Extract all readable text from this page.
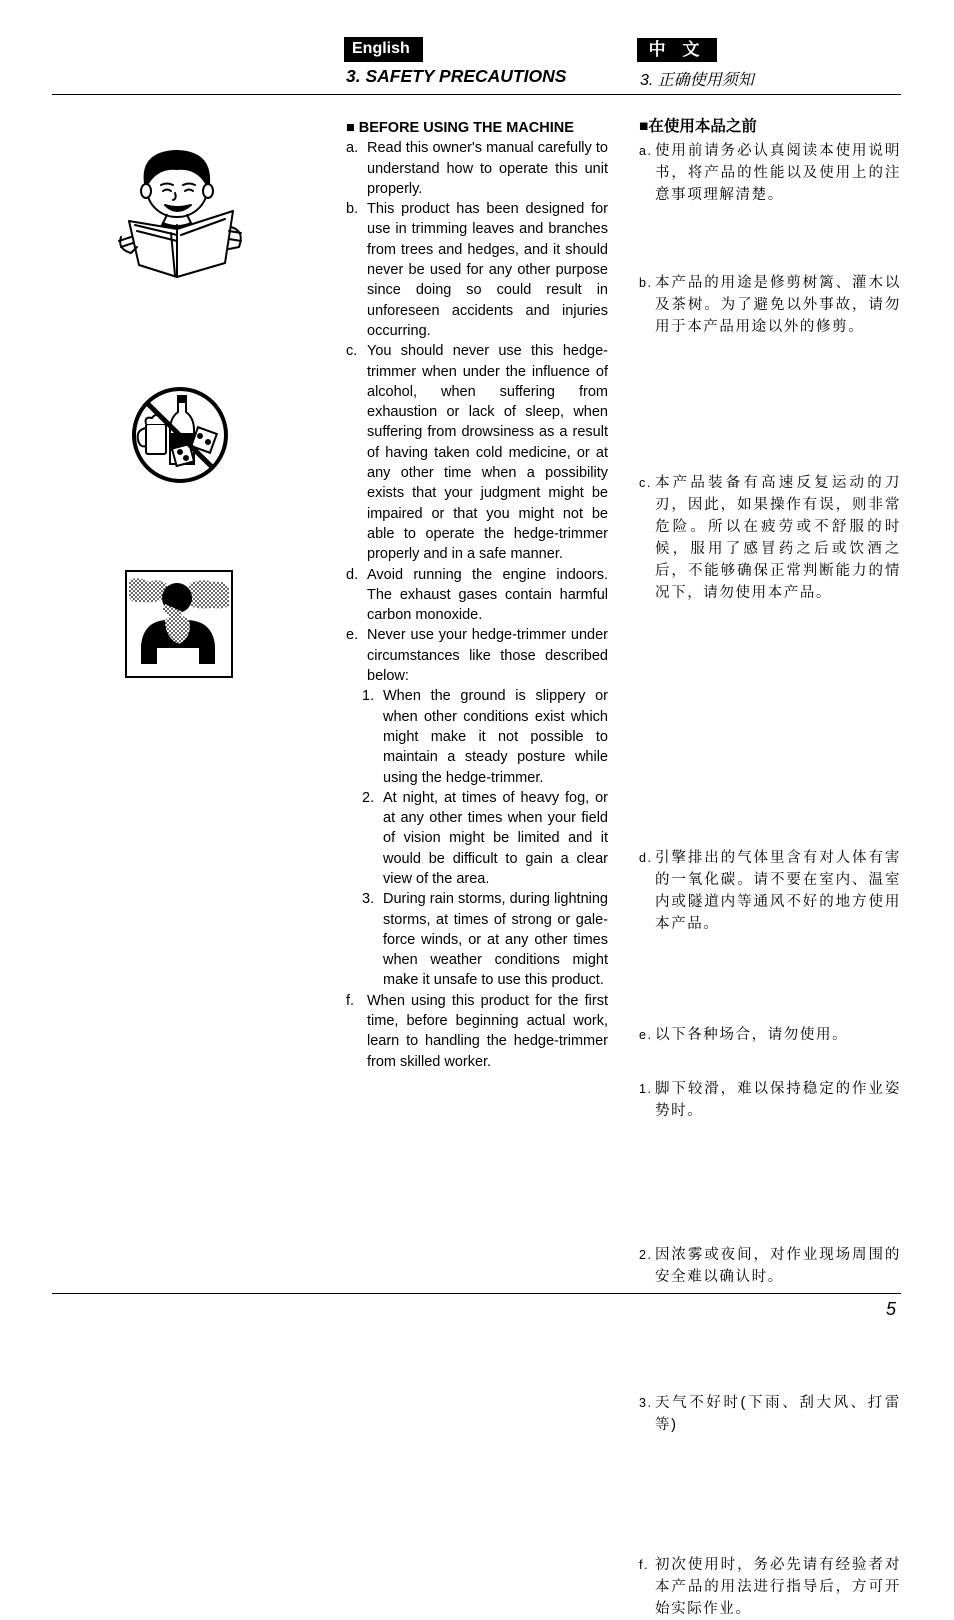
English	中 文
3. SAFETY PRECAUTIONS	3. 正确使用须知
■ BEFORE USING THE MACHINE
a. Read this owner's manual carefully to understand how to operate this unit properly.
b. This product has been designed for use in trimming leaves and branches from trees and hedges, and it should never be used for any other purpose since doing so could result in unforeseen accidents and injuries occurring.
c. You should never use this hedge-trimmer when under the influence of alcohol, when suffering from exhaustion or lack of sleep, when suffering from drowsiness as a result of having taken cold medicine, or at any other time when a possibility exists that your judgment might be impaired or that you might not be able to operate the hedge-trimmer properly and in a safe manner.
d. Avoid running the engine indoors. The exhaust gases contain harmful carbon monoxide.
e. Never use your hedge-trimmer under circumstances like those described below:
1. When the ground is slippery or when other conditions exist which might make it not possible to maintain a steady posture while using the hedge-trimmer.
2. At night, at times of heavy fog, or at any other times when your field of vision might be limited and it would be difficult to gain a clear view of the area.
3. During rain storms, during lightning storms, at times of strong or gale-force winds, or at any other times when weather conditions might make it unsafe to use this product.
f. When using this product for the first time, before beginning actual work, learn to handling the hedge-trimmer from skilled worker.
■在使用本品之前
a. 使用前请务必认真阅读本使用说明书，将产品的性能以及使用上的注意事项理解清楚。
b. 本产品的用途是修剪树篱、灌木以及茶树。为了避免以外事故，请勿用于本产品用途以外的修剪。
c. 本产品装备有高速反复运动的刀刃，因此，如果操作有误，则非常危险。所以在疲劳或不舒服的时候，服用了感冒药之后或饮酒之后，不能够确保正常判断能力的情况下，请勿使用本产品。
d. 引擎排出的气体里含有对人体有害的一氧化碳。请不要在室内、温室内或隧道内等通风不好的地方使用本产品。
e. 以下各种场合，请勿使用。
1. 脚下较滑，难以保持稳定的作业姿势时。
2. 因浓雾或夜间，对作业现场周围的安全难以确认时。
3. 天气不好时(下雨、刮大风、打雷等)
f. 初次使用时，务必先请有经验者对本产品的用法进行指导后，方可开始实际作业。
5
